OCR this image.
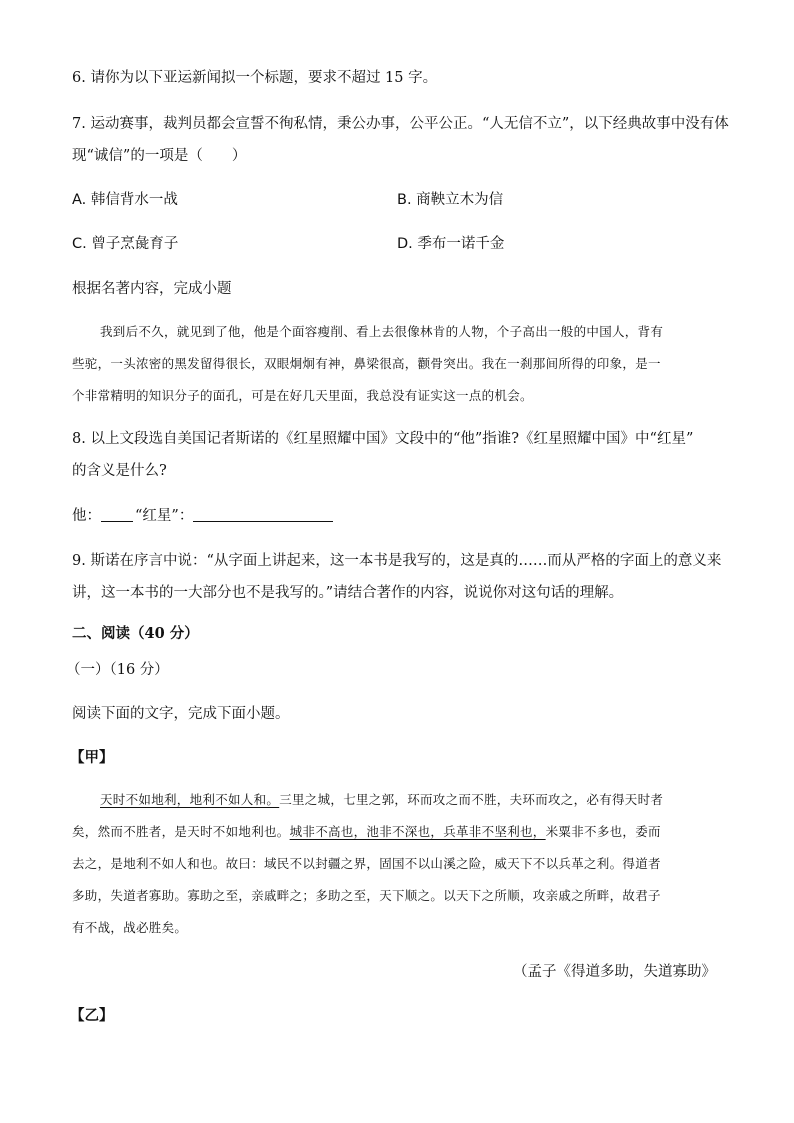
6. 请你为以下亚运新闻拟一个标题，要求不超过 15 字。
7. 运动赛事，裁判员都会宣誓不徇私情，秉公办事，公平公正。“人无信不立”，以下经典故事中没有体
现“诚信”的一项是（　　）
A. 韩信背水一战	B. 商鞅立木为信
C. 曾子烹彘育子	D. 季布一诺千金
根据名著内容，完成小题
我到后不久，就见到了他，他是个面容瘦削、看上去很像林肯的人物，个子高出一般的中国人，背有
些驼，一头浓密的黑发留得很长，双眼炯炯有神，鼻梁很高，颧骨突出。我在一刹那间所得的印象，是一
个非常精明的知识分子的面孔，可是在好几天里面，我总没有证实这一点的机会。
8. 以上文段选自美国记者斯诺的《红星照耀中国》文段中的“他”指谁?《红星照耀中国》中“红星”
的含义是什么?
他： “红星”：
9. 斯诺在序言中说：“从字面上讲起来，这一本书是我写的，这是真的……而从严格的字面上的意义来
讲，这一本书的一大部分也不是我写的。”请结合著作的内容，说说你对这句话的理解。
二、阅读（40 分）
（一）（16 分）
阅读下面的文字，完成下面小题。
【甲】
天时不如地利，地利不如人和。三里之城，七里之郭，环而攻之而不胜，夫环而攻之，必有得天时者
矣，然而不胜者，是天时不如地利也。城非不高也，池非不深也，兵革非不坚利也，米粟非不多也，委而
去之，是地利不如人和也。故曰：域民不以封疆之界，固国不以山溪之险，威天下不以兵革之利。得道者
多助，失道者寡助。寡助之至，亲戚畔之；多助之至，天下顺之。以天下之所顺，攻亲戚之所畔，故君子
有不战，战必胜矣。
（孟子《得道多助，失道寡助》
【乙】
